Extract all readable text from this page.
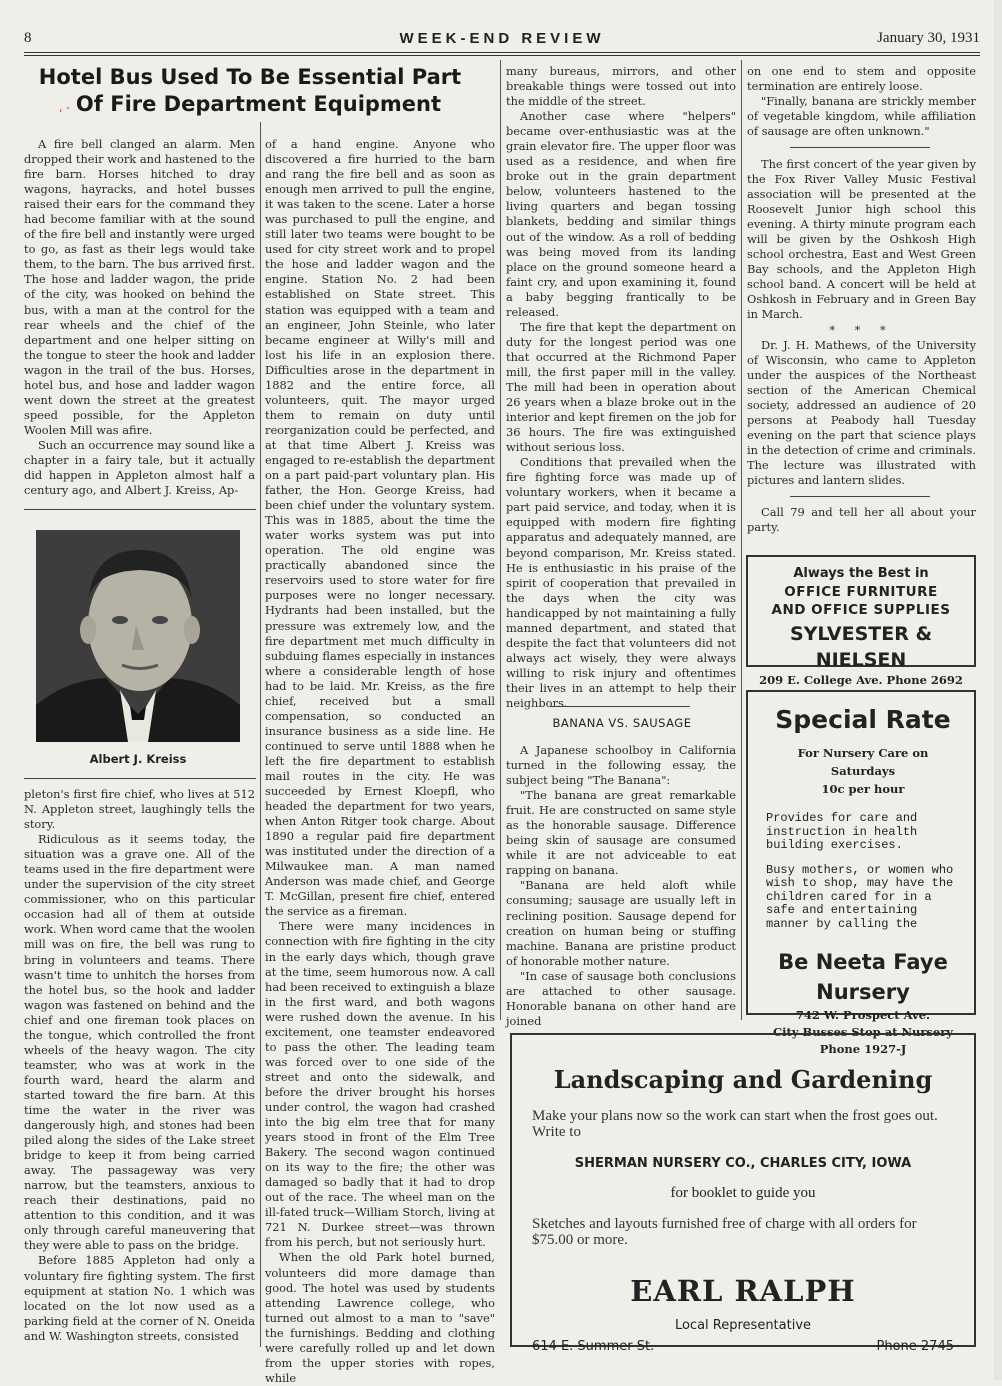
8	WEEK-END REVIEW	January 30, 1931
Hotel Bus Used To Be Essential Part
, - Of Fire Department Equipment

A fire bell clanged an alarm. Men dropped their work and hastened to the fire barn. Horses hitched to dray wagons, hayracks, and hotel busses raised their ears for the command they had become familiar with at the sound of the fire bell and instantly were urged to go, as fast as their legs would take them, to the barn. The bus arrived first. The hose and ladder wagon, the pride of the city, was hooked on behind the bus, with a man at the control for the rear wheels and the chief of the department and one helper sitting on the tongue to steer the hook and ladder wagon in the trail of the bus. Horses, hotel bus, and hose and ladder wagon went down the street at the greatest speed possible, for the Appleton Woolen Mill was afire.

Such an occurrence may sound like a chapter in a fairy tale, but it actually did happen in Appleton almost half a century ago, and Albert J. Kreiss, Ap-

Albert J. Kreiss

pleton's first fire chief, who lives at 512 N. Appleton street, laughingly tells the story.

Ridiculous as it seems today, the situation was a grave one. All of the teams used in the fire department were under the supervision of the city street commissioner, who on this particular occasion had all of them at outside work. When word came that the woolen mill was on fire, the bell was rung to bring in volunteers and teams. There wasn't time to unhitch the horses from the hotel bus, so the hook and ladder wagon was fastened on behind and the chief and one fireman took places on the tongue, which controlled the front wheels of the heavy wagon. The city teamster, who was at work in the fourth ward, heard the alarm and started toward the fire barn. At this time the water in the river was dangerously high, and stones had been piled along the sides of the Lake street bridge to keep it from being carried away. The passageway was very narrow, but the teamsters, anxious to reach their destinations, paid no attention to this condition, and it was only through careful maneuvering that they were able to pass on the bridge.

Before 1885 Appleton had only a voluntary fire fighting system. The first equipment at station No. 1 which was located on the lot now used as a parking field at the corner of N. Oneida and W. Washington streets, consisted

of a hand engine. Anyone who discovered a fire hurried to the barn and rang the fire bell and as soon as enough men arrived to pull the engine, it was taken to the scene. Later a horse was purchased to pull the engine, and still later two teams were bought to be used for city street work and to propel the hose and ladder wagon and the engine. Station No. 2 had been established on State street. This station was equipped with a team and an engineer, John Steinle, who later became engineer at Willy's mill and lost his life in an explosion there. Difficulties arose in the department in 1882 and the entire force, all volunteers, quit. The mayor urged them to remain on duty until reorganization could be perfected, and at that time Albert J. Kreiss was engaged to re-establish the department on a part paid-part voluntary plan. His father, the Hon. George Kreiss, had been chief under the voluntary system. This was in 1885, about the time the water works system was put into operation. The old engine was practically abandoned since the reservoirs used to store water for fire purposes were no longer necessary. Hydrants had been installed, but the pressure was extremely low, and the fire department met much difficulty in subduing flames especially in instances where a considerable length of hose had to be laid. Mr. Kreiss, as the fire chief, received but a small compensation, so conducted an insurance business as a side line. He continued to serve until 1888 when he left the fire department to establish mail routes in the city. He was succeeded by Ernest Kloepfl, who headed the department for two years, when Anton Ritger took charge. About 1890 a regular paid fire department was instituted under the direction of a Milwaukee man. A man named Anderson was made chief, and George T. McGillan, present fire chief, entered the service as a fireman.

There were many incidences in connection with fire fighting in the city in the early days which, though grave at the time, seem humorous now. A call had been received to extinguish a blaze in the first ward, and both wagons were rushed down the avenue. In his excitement, one teamster endeavored to pass the other. The leading team was forced over to one side of the street and onto the sidewalk, and before the driver brought his horses under control, the wagon had crashed into the big elm tree that for many years stood in front of the Elm Tree Bakery. The second wagon continued on its way to the fire; the other was damaged so badly that it had to drop out of the race. The wheel man on the ill-fated truck—William Storch, living at 721 N. Durkee street—was thrown from his perch, but not seriously hurt.

When the old Park hotel burned, volunteers did more damage than good. The hotel was used by students attending Lawrence college, who turned out almost to a man to "save" the furnishings. Bedding and clothing were carefully rolled up and let down from the upper stories with ropes, while

many bureaus, mirrors, and other breakable things were tossed out into the middle of the street.

Another case where "helpers" became over-enthusiastic was at the grain elevator fire. The upper floor was used as a residence, and when fire broke out in the grain department below, volunteers hastened to the living quarters and began tossing blankets, bedding and similar things out of the window. As a roll of bedding was being moved from its landing place on the ground someone heard a faint cry, and upon examining it, found a baby begging frantically to be released.

The fire that kept the department on duty for the longest period was one that occurred at the Richmond Paper mill, the first paper mill in the valley. The mill had been in operation about 26 years when a blaze broke out in the interior and kept firemen on the job for 36 hours. The fire was extinguished without serious loss.

Conditions that prevailed when the fire fighting force was made up of voluntary workers, when it became a part paid service, and today, when it is equipped with modern fire fighting apparatus and adequately manned, are beyond comparison, Mr. Kreiss stated. He is enthusiastic in his praise of the spirit of cooperation that prevailed in the days when the city was handicapped by not maintaining a fully manned department, and stated that despite the fact that volunteers did not always act wisely, they were always willing to risk injury and oftentimes their lives in an attempt to help their neighbors.

BANANA VS. SAUSAGE

A Japanese schoolboy in California turned in the following essay, the subject being "The Banana":

"The banana are great remarkable fruit. He are constructed on same style as the honorable sausage. Difference being skin of sausage are consumed while it are not adviceable to eat rapping on banana.

"Banana are held aloft while consuming; sausage are usually left in reclining position. Sausage depend for creation on human being or stuffing machine. Banana are pristine product of honorable mother nature.

"In case of sausage both conclusions are attached to other sausage. Honorable banana on other hand are joined

on one end to stem and opposite termination are entirely loose.

"Finally, banana are strickly member of vegetable kingdom, while affiliation of sausage are often unknown."

The first concert of the year given by the Fox River Valley Music Festival association will be presented at the Roosevelt Junior high school this evening. A thirty minute program each will be given by the Oshkosh High school orchestra, East and West Green Bay schools, and the Appleton High school band. A concert will be held at Oshkosh in February and in Green Bay in March.

* * *

Dr. J. H. Mathews, of the University of Wisconsin, who came to Appleton under the auspices of the Northeast section of the American Chemical society, addressed an audience of 20 persons at Peabody hall Tuesday evening on the part that science plays in the detection of crime and criminals. The lecture was illustrated with pictures and lantern slides.

Call 79 and tell her all about your party.

Always the Best in
OFFICE FURNITURE
AND OFFICE SUPPLIES
SYLVESTER & NIELSEN
209 E. College Ave. Phone 2692
Special Rate
For Nursery Care on Saturdays
10c per hour
Provides for care and instruction in health building exercises.
Busy mothers, or women who wish to shop, may have the children cared for in a safe and entertaining manner by calling the
Be Neeta Faye Nursery
742 W. Prospect Ave.
City Busses Stop at Nursery
Phone 1927-J
Landscaping and Gardening
Make your plans now so the work can start when the frost goes out. Write to
SHERMAN NURSERY CO., CHARLES CITY, IOWA
for booklet to guide you
Sketches and layouts furnished free of charge with all orders for $75.00 or more.
EARL RALPH
Local Representative
614 E. Summer St.	Phone 2745
